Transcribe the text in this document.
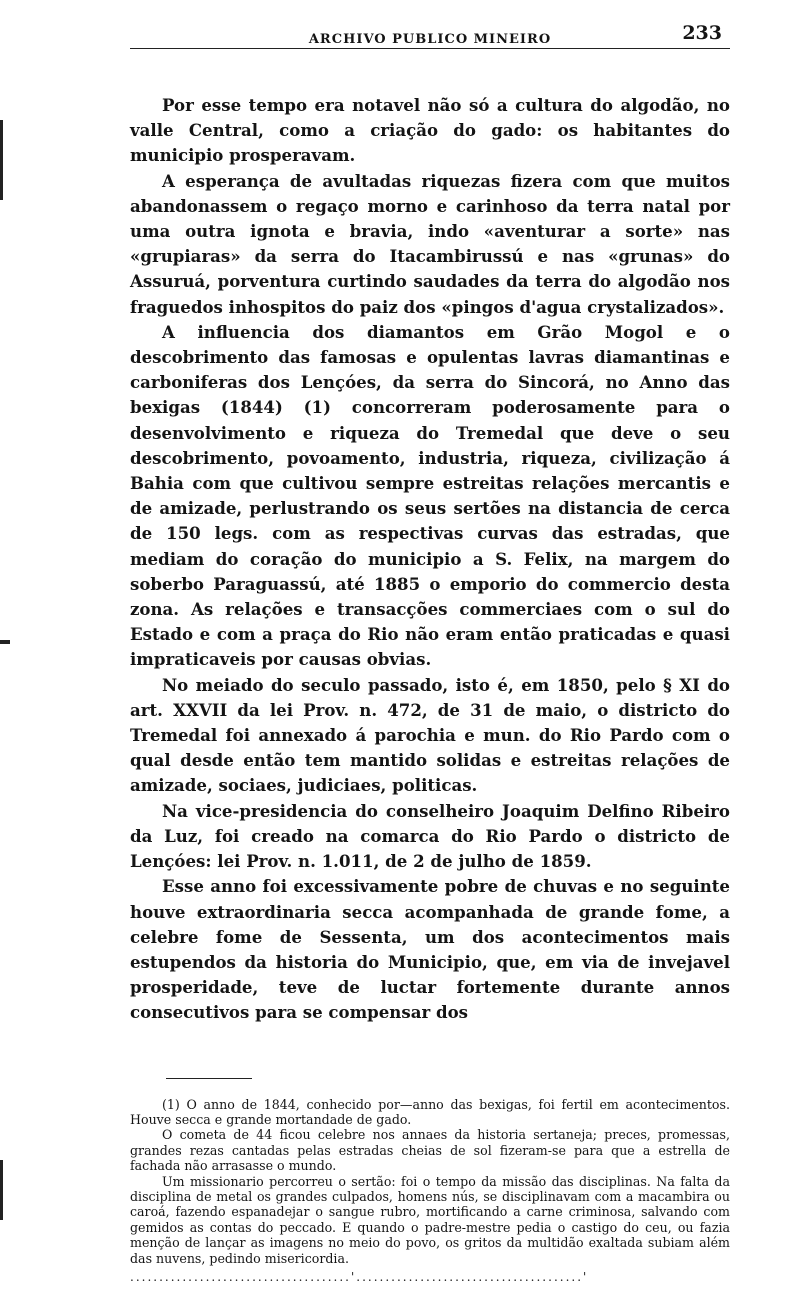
ARCHIVO PUBLICO MINEIRO	233

Por esse tempo era notavel não só a cultura do algodão, no valle Central, como a criação do gado: os habitantes do municipio prosperavam.

A esperança de avultadas riquezas fizera com que muitos abandonassem o regaço morno e carinhoso da terra natal por uma outra ignota e bravia, indo «aventurar a sorte» nas «grupiaras» da serra do Itacambirussú e nas «grunas» do Assuruá, porventura curtindo saudades da terra do algodão nos fraguedos inhospitos do paiz dos «pingos d'agua crystalizados».

A influencia dos diamantos em Grão Mogol e o descobrimento das famosas e opulentas lavras diamantinas e carboniferas dos Lençóes, da serra do Sincorá, no Anno das bexigas (1844) (1) concorreram poderosamente para o desenvolvimento e riqueza do Tremedal que deve o seu descobrimento, povoamento, industria, riqueza, civilização á Bahia com que cultivou sempre estreitas relações mercantis e de amizade, perlustrando os seus sertões na distancia de cerca de 150 legs. com as respectivas curvas das estradas, que mediam do coração do municipio a S. Felix, na margem do soberbo Paraguassú, até 1885 o emporio do commercio desta zona. As relações e transacções commerciaes com o sul do Estado e com a praça do Rio não eram então praticadas e quasi impraticaveis por causas obvias.

No meiado do seculo passado, isto é, em 1850, pelo § XI do art. XXVII da lei Prov. n. 472, de 31 de maio, o districto do Tremedal foi annexado á parochia e mun. do Rio Pardo com o qual desde então tem mantido solidas e estreitas relações de amizade, sociaes, judiciaes, politicas.

Na vice-presidencia do conselheiro Joaquim Delfino Ribeiro da Luz, foi creado na comarca do Rio Pardo o districto de Lençóes: lei Prov. n. 1.011, de 2 de julho de 1859.

Esse anno foi excessivamente pobre de chuvas e no seguinte houve extraordinaria secca acompanhada de grande fome, a celebre fome de Sessenta, um dos acontecimentos mais estupendos da historia do Municipio, que, em via de invejavel prosperidade, teve de luctar fortemente durante annos consecutivos para se compensar dos

(1) O anno de 1844, conhecido por—anno das bexigas, foi fertil em acontecimentos. Houve secca e grande mortandade de gado.

O cometa de 44 ficou celebre nos annaes da historia sertaneja; preces, promessas, grandes rezas cantadas pelas estradas cheias de sol fizeram-se para que a estrella de fachada não arrasasse o mundo.

Um missionario percorreu o sertão: foi o tempo da missão das disciplinas. Na falta da disciplina de metal os grandes culpados, homens nús, se disciplinavam com a macambira ou caroá, fazendo espanadejar o sangue rubro, mortificando a carne criminosa, salvando com gemidos as contas do peccado. E quando o padre-mestre pedia o castigo do ceu, ou fazia menção de lançar as imagens no meio do povo, os gritos da multidão exaltada subiam além das nuvens, pedindo misericordia.

......................................'.......................................'
